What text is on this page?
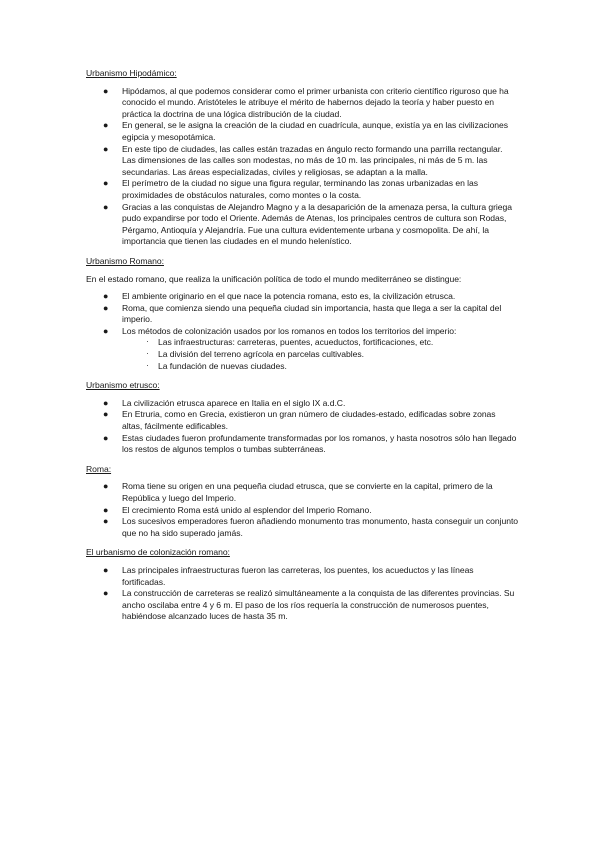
Urbanismo Hipodámico:
● Hipódamos, al que podemos considerar como el primer urbanista con criterio científico riguroso que ha conocido el mundo. Aristóteles le atribuye el mérito de habernos dejado la teoría y haber puesto en práctica la doctrina de una lógica distribución de la ciudad.
● En general, se le asigna la creación de la ciudad en cuadrícula, aunque, existía ya en las civilizaciones egipcia y mesopotámica.
● En este tipo de ciudades, las calles están trazadas en ángulo recto formando una parrilla rectangular. Las dimensiones de las calles son modestas, no más de 10 m. las principales, ni más de 5 m. las secundarias. Las áreas especializadas, civiles y religiosas, se adaptan a la malla.
● El perímetro de la ciudad no sigue una figura regular, terminando las zonas urbanizadas en las proximidades de obstáculos naturales, como montes o la costa.
● Gracias a las conquistas de Alejandro Magno y a la desaparición de la amenaza persa, la cultura griega pudo expandirse por todo el Oriente. Además de Atenas, los principales centros de cultura son Rodas, Pérgamo, Antioquía y Alejandría. Fue una cultura evidentemente urbana y cosmopolita. De ahí, la importancia que tienen las ciudades en el mundo helenístico.
Urbanismo Romano:
En el estado romano, que realiza la unificación política de todo el mundo mediterráneo se distingue:
● El ambiente originario en el que nace la potencia romana, esto es, la civilización etrusca.
● Roma, que comienza siendo una pequeña ciudad sin importancia, hasta que llega a ser la capital del imperio.
● Los métodos de colonización usados por los romanos en todos los territorios del imperio:
· Las infraestructuras: carreteras, puentes, acueductos, fortificaciones, etc.
· La división del terreno agrícola en parcelas cultivables.
· La fundación de nuevas ciudades.
Urbanismo etrusco:
● La civilización etrusca aparece en Italia en el siglo IX a.d.C.
● En Etruria, como en Grecia, existieron un gran número de ciudades-estado, edificadas sobre zonas altas, fácilmente edificables.
● Estas ciudades fueron profundamente transformadas por los romanos, y hasta nosotros sólo han llegado los restos de algunos templos o tumbas subterráneas.
Roma:
● Roma tiene su origen en una pequeña ciudad etrusca, que se convierte en la capital, primero de la República y luego del Imperio.
● El crecimiento Roma está unido al esplendor del Imperio Romano.
● Los sucesivos emperadores fueron añadiendo monumento tras monumento, hasta conseguir un conjunto que no ha sido superado jamás.
El urbanismo de colonización romano:
● Las principales infraestructuras fueron las carreteras, los puentes, los acueductos y las líneas fortificadas.
● La construcción de carreteras se realizó simultáneamente a la conquista de las diferentes provincias. Su ancho oscilaba entre 4 y 6 m. El paso de los ríos requería la construcción de numerosos puentes, habiéndose alcanzado luces de hasta 35 m.
